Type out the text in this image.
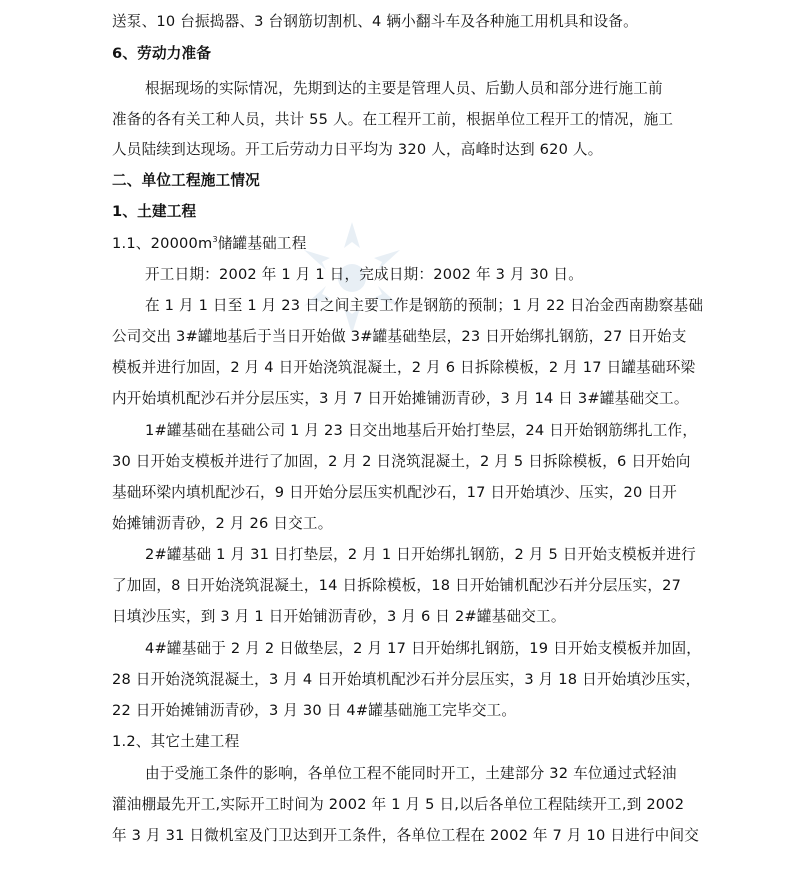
送泵、10 台振捣器、3 台钢筋切割机、4 辆小翻斗车及各种施工用机具和设备。
6、劳动力准备
根据现场的实际情况，先期到达的主要是管理人员、后勤人员和部分进行施工前
准备的各有关工种人员，共计 55 人。在工程开工前，根据单位工程开工的情况，施工
人员陆续到达现场。开工后劳动力日平均为 320 人，高峰时达到 620 人。
二、单位工程施工情况
1、土建工程
1.1、$20000m^3$储罐基础工程
开工日期：2002 年 1 月 1 日，完成日期：2002 年 3 月 30 日。
在 1 月 1 日至 1 月 23 日之间主要工作是钢筋的预制；1 月 22 日冶金西南勘察基础
公司交出 3#罐地基后于当日开始做 3#罐基础垫层，23 日开始绑扎钢筋，27 日开始支
模板并进行加固，2 月 4 日开始浇筑混凝土，2 月 6 日拆除模板，2 月 17 日罐基础环梁
内开始填机配沙石并分层压实，3 月 7 日开始摊铺沥青砂，3 月 14 日 3#罐基础交工。
1#罐基础在基础公司 1 月 23 日交出地基后开始打垫层，24 日开始钢筋绑扎工作，
30 日开始支模板并进行了加固，2 月 2 日浇筑混凝土，2 月 5 日拆除模板，6 日开始向
基础环梁内填机配沙石，9 日开始分层压实机配沙石，17 日开始填沙、压实，20 日开
始摊铺沥青砂，2 月 26 日交工。
2#罐基础 1 月 31 日打垫层，2 月 1 日开始绑扎钢筋，2 月 5 日开始支模板并进行
了加固，8 日开始浇筑混凝土，14 日拆除模板，18 日开始铺机配沙石并分层压实，27
日填沙压实，到 3 月 1 日开始铺沥青砂，3 月 6 日 2#罐基础交工。
4#罐基础于 2 月 2 日做垫层，2 月 17 日开始绑扎钢筋，19 日开始支模板并加固，
28 日开始浇筑混凝土，3 月 4 日开始填机配沙石并分层压实，3 月 18 日开始填沙压实，
22 日开始摊铺沥青砂，3 月 30 日 4#罐基础施工完毕交工。
1.2、其它土建工程
由于受施工条件的影响，各单位工程不能同时开工，土建部分 32 车位通过式轻油
灌油棚最先开工,实际开工时间为 2002 年 1 月 5 日,以后各单位工程陆续开工,到 2002
年 3 月 31 日微机室及门卫达到开工条件，各单位工程在 2002 年 7 月 10 日进行中间交
